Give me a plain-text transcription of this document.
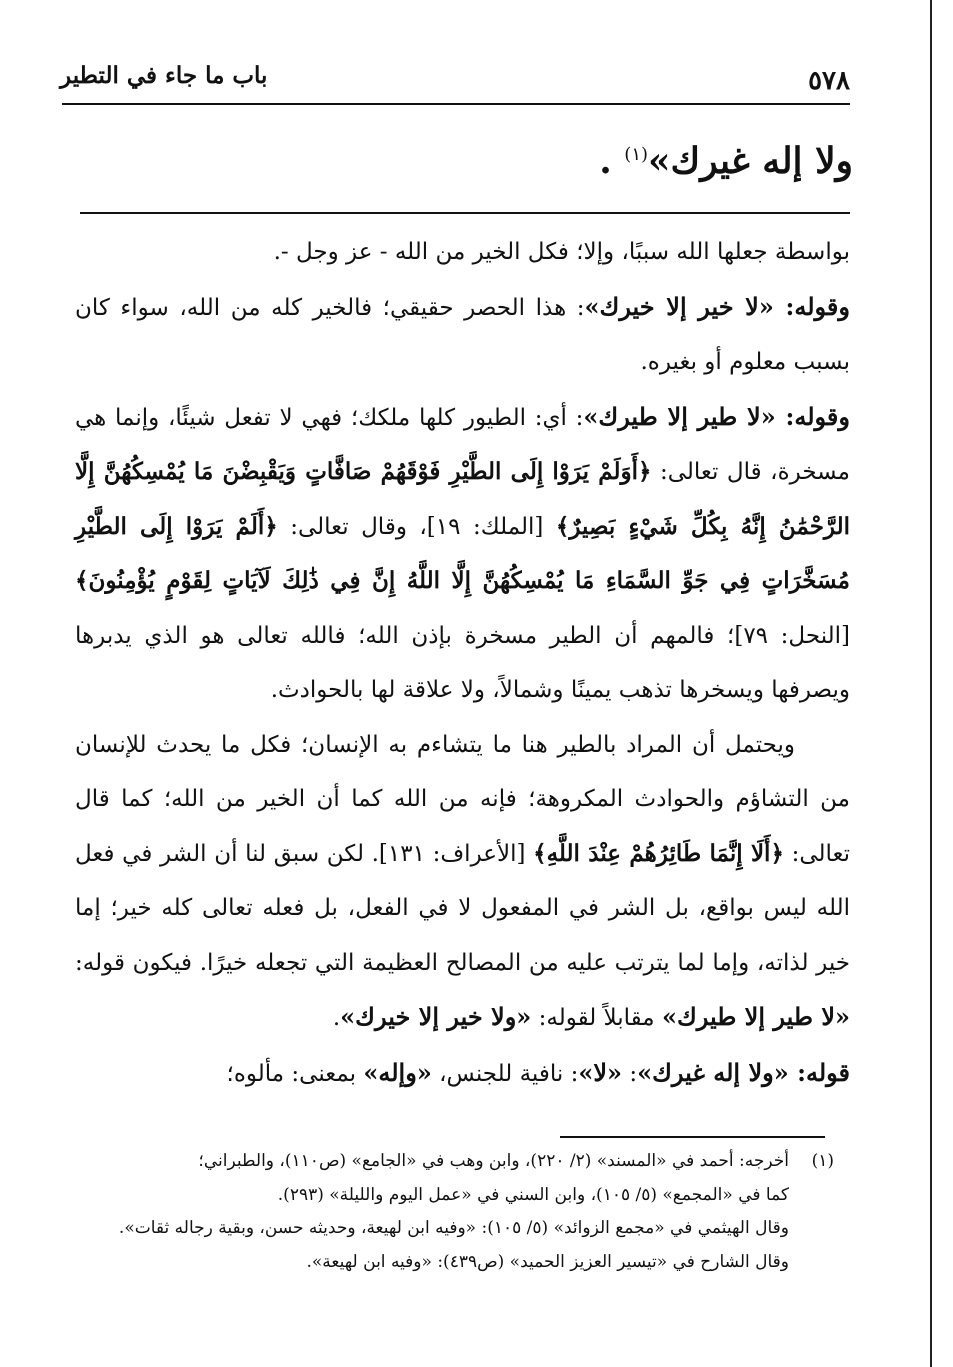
٥٧٨
باب ما جاء في التطير
ولا إله غيرك»$^{(١)}$ .

بواسطة جعلها الله سببًا، وإلا؛ فكل الخير من الله - عز وجل -.

وقوله: «لا خير إلا خيرك»: هذا الحصر حقيقي؛ فالخير كله من الله، سواء كان بسبب معلوم أو بغيره.

وقوله: «لا طير إلا طيرك»: أي: الطيور كلها ملكك؛ فهي لا تفعل شيئًا، وإنما هي مسخرة، قال تعالى: ﴿أَوَلَمْ يَرَوْا إِلَى الطَّيْرِ فَوْقَهُمْ صَافَّاتٍ وَيَقْبِضْنَ مَا يُمْسِكُهُنَّ إِلَّا الرَّحْمَٰنُ إِنَّهُ بِكُلِّ شَيْءٍ بَصِيرٌ﴾ [الملك: ١٩]، وقال تعالى: ﴿أَلَمْ يَرَوْا إِلَى الطَّيْرِ مُسَخَّرَاتٍ فِي جَوِّ السَّمَاءِ مَا يُمْسِكُهُنَّ إِلَّا اللَّهُ إِنَّ فِي ذَٰلِكَ لَآيَاتٍ لِقَوْمٍ يُؤْمِنُونَ﴾ [النحل: ٧٩]؛ فالمهم أن الطير مسخرة بإذن الله؛ فالله تعالى هو الذي يدبرها ويصرفها ويسخرها تذهب يمينًا وشمالاً، ولا علاقة لها بالحوادث.

ويحتمل أن المراد بالطير هنا ما يتشاءم به الإنسان؛ فكل ما يحدث للإنسان من التشاؤم والحوادث المكروهة؛ فإنه من الله كما أن الخير من الله؛ كما قال تعالى: ﴿أَلَا إِنَّمَا طَائِرُهُمْ عِنْدَ اللَّهِ﴾ [الأعراف: ١٣١]. لكن سبق لنا أن الشر في فعل الله ليس بواقع، بل الشر في المفعول لا في الفعل، بل فعله تعالى كله خير؛ إما خير لذاته، وإما لما يترتب عليه من المصالح العظيمة التي تجعله خيرًا. فيكون قوله: «لا طير إلا طيرك» مقابلاً لقوله: «ولا خير إلا خيرك».

قوله: «ولا إله غيرك»: «لا»: نافية للجنس، «وإله» بمعنى: مألوه؛

(١)أخرجه: أحمد في «المسند» (٢/ ٢٢٠)، وابن وهب في «الجامع» (ص١١٠)، والطبراني؛

كما في «المجمع» (٥/ ١٠٥)، وابن السني في «عمل اليوم والليلة» (٢٩٣).

وقال الهيثمي في «مجمع الزوائد» (٥/ ١٠٥): «وفيه ابن لهيعة، وحديثه حسن، وبقية رجاله ثقات».

وقال الشارح في «تيسير العزيز الحميد» (ص٤٣٩): «وفيه ابن لهيعة».
